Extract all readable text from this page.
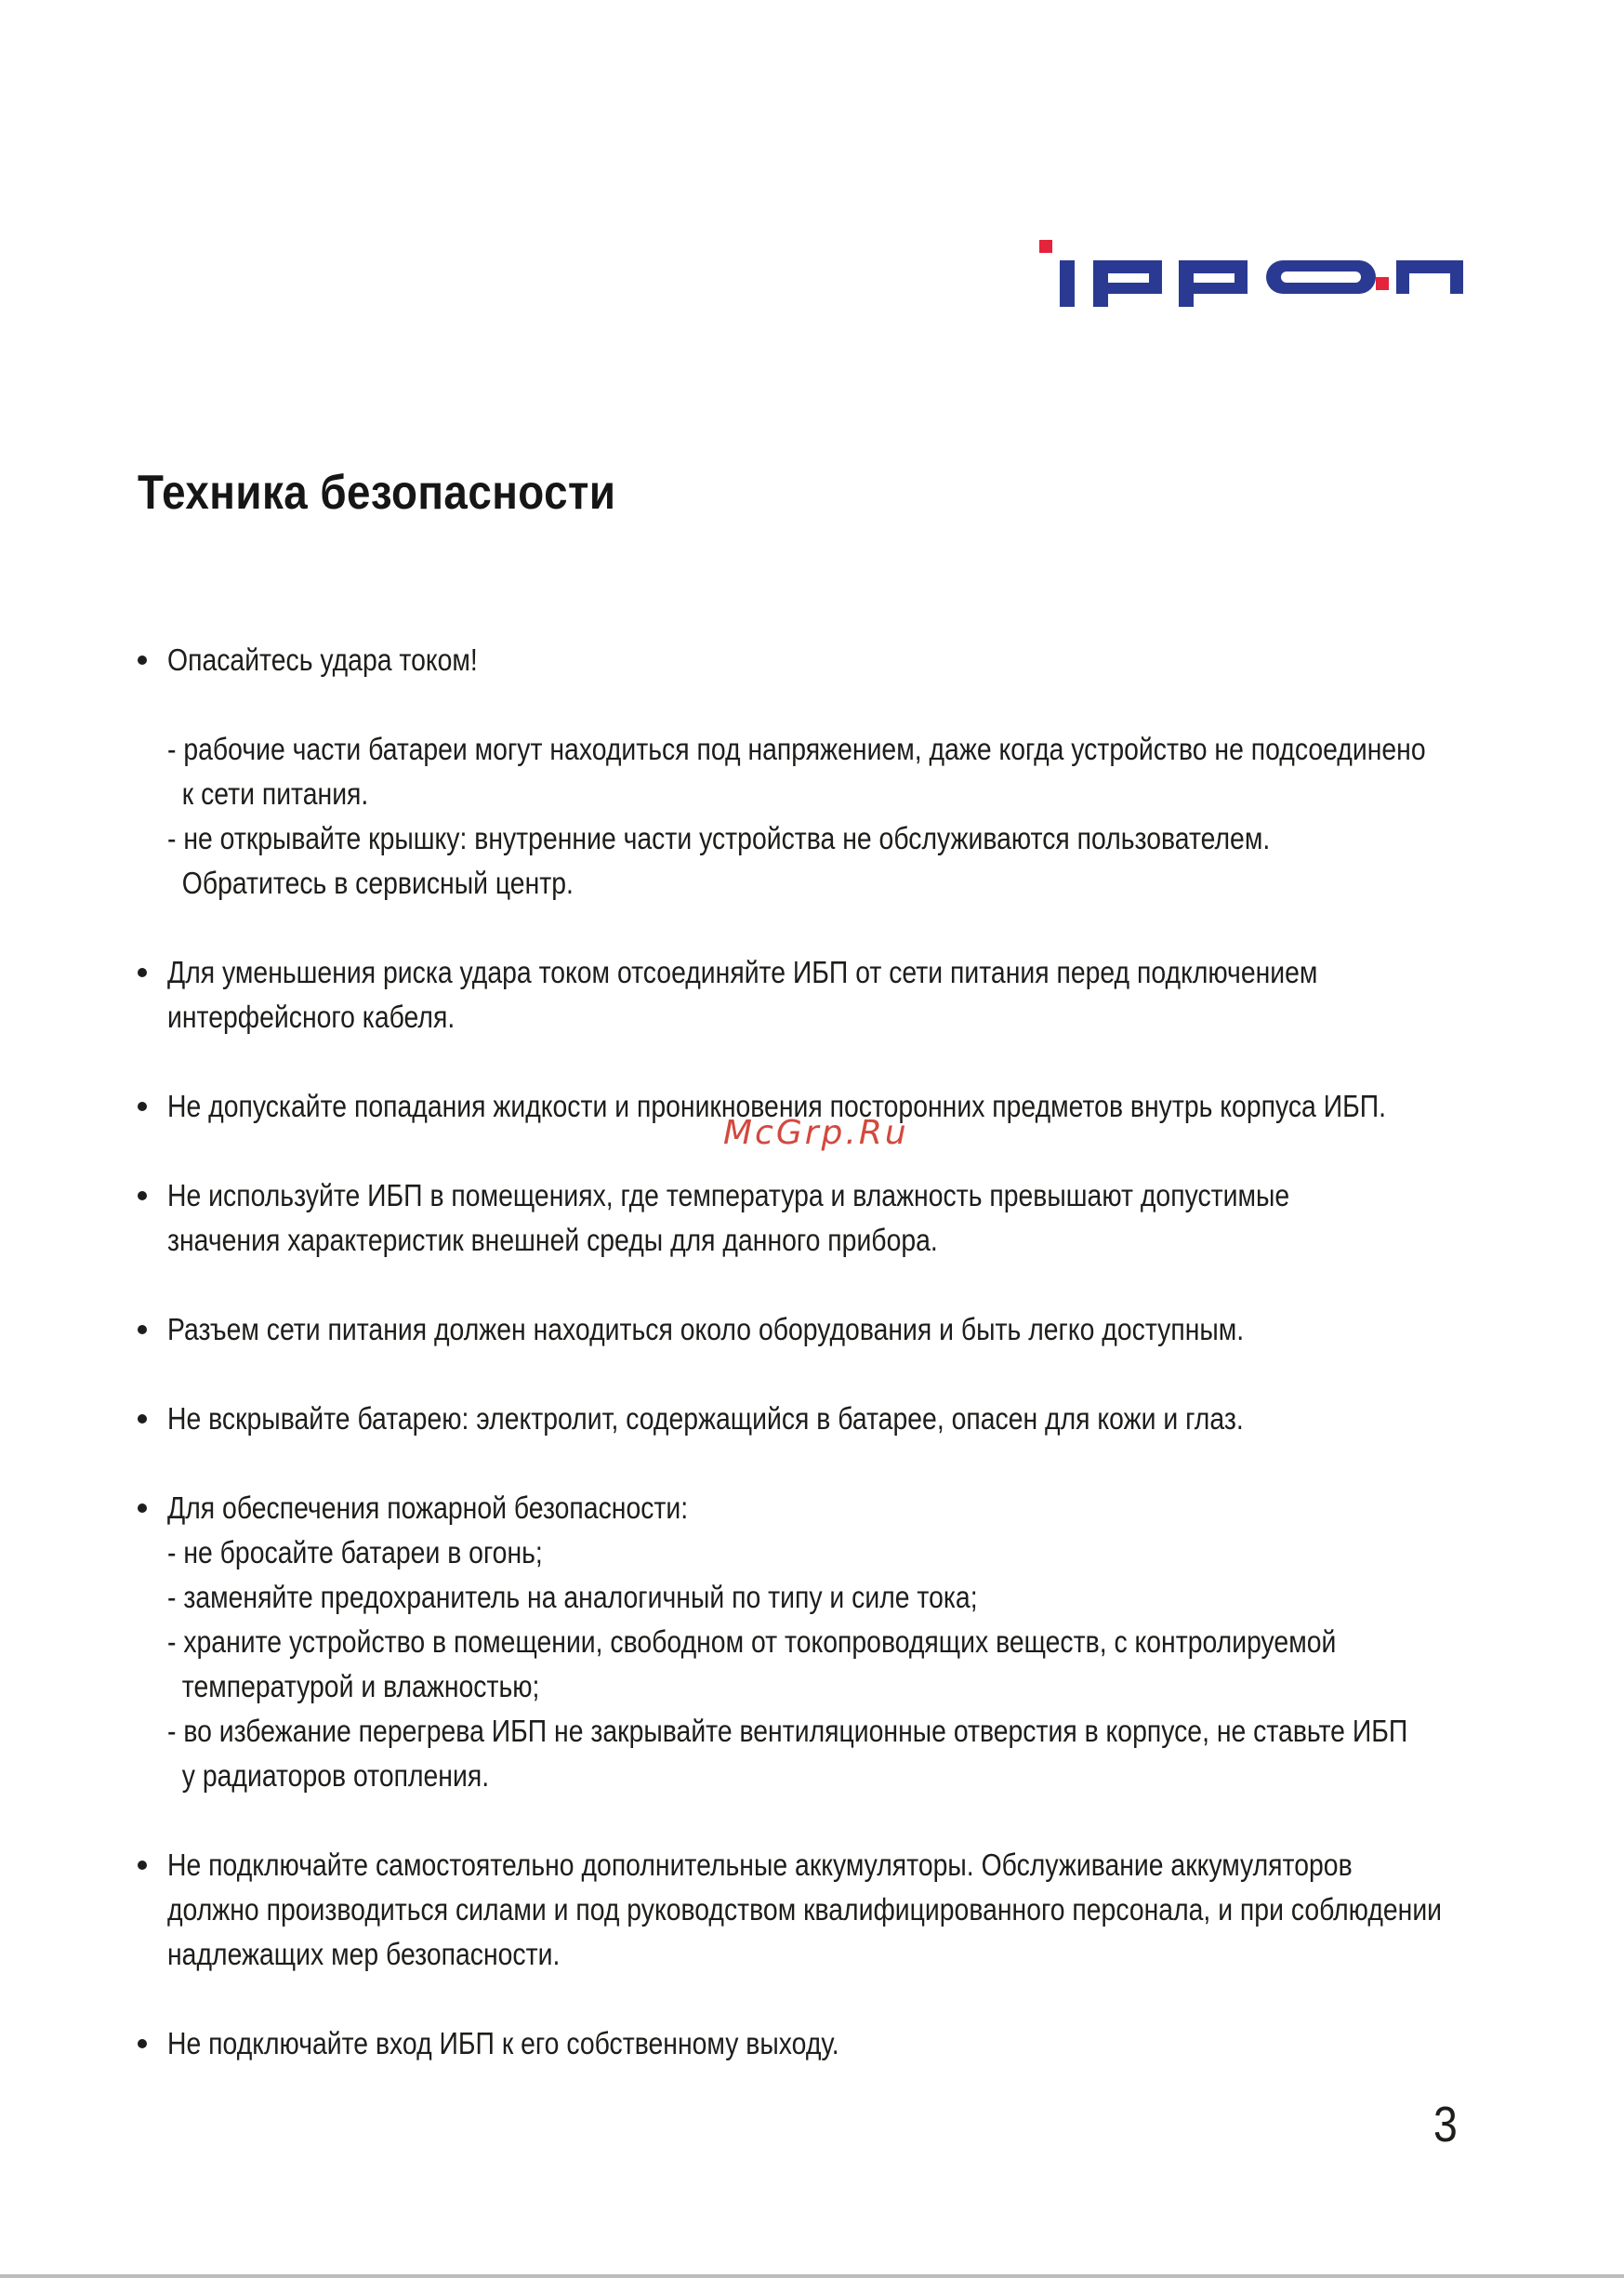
Техника безопасности
Опасайтесь удара током!
- рабочие части батареи могут находиться под напряжением, даже когда устройство не подсоединено
к сети питания.
- не открывайте крышку: внутренние части устройства не обслуживаются пользователем.
Обратитесь в сервисный центр.
Для уменьшения риска удара током отсоединяйте ИБП от сети питания перед подключением
интерфейсного кабеля.
Не допускайте попадания жидкости и проникновения посторонних предметов внутрь корпуса ИБП.
Не используйте ИБП в помещениях, где температура и влажность превышают допустимые
значения характеристик внешней среды для данного прибора.
Разъем сети питания должен находиться около оборудования и быть легко доступным.
Не вскрывайте батарею: электролит, содержащийся в батарее, опасен для кожи и глаз.
Для обеспечения пожарной безопасности:
- не бросайте батареи в огонь;
- заменяйте предохранитель на аналогичный по типу и силе тока;
- храните устройство в помещении, свободном от токопроводящих веществ, с контролируемой
температурой и влажностью;
- во избежание перегрева ИБП не закрывайте вентиляционные отверстия в корпусе, не ставьте ИБП
у радиаторов отопления.
Не подключайте самостоятельно дополнительные аккумуляторы. Обслуживание аккумуляторов
должно производиться силами и под руководством квалифицированного персонала, и при соблюдении
надлежащих мер безопасности.
Не подключайте вход ИБП к его собственному выходу.
McGrp.Ru
3
